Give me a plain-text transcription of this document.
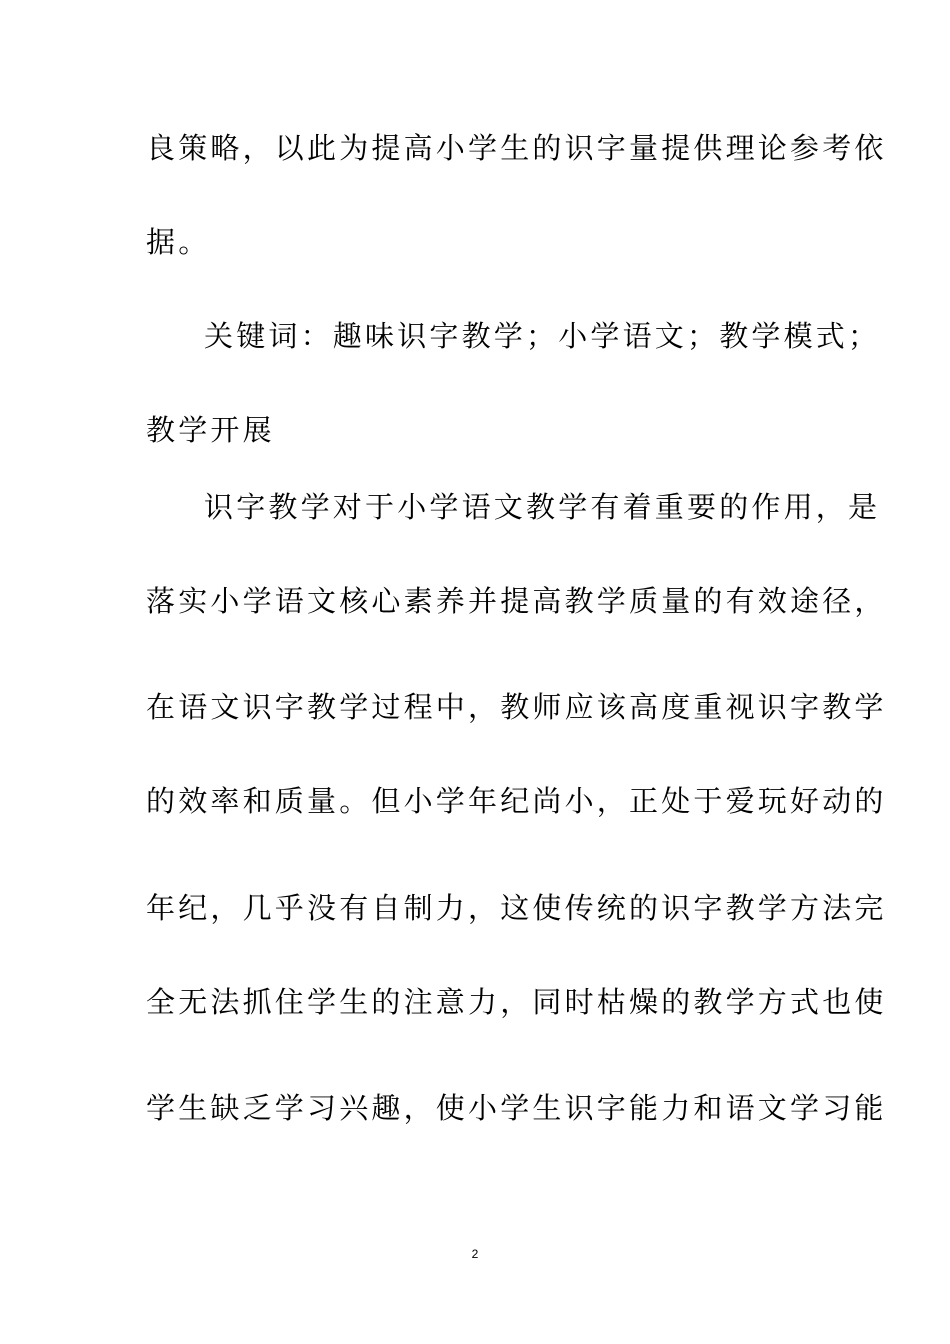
良策略，以此为提高小学生的识字量提供理论参考依
据。
关键词：趣味识字教学；小学语文；教学模式；
教学开展
识字教学对于小学语文教学有着重要的作用，是
落实小学语文核心素养并提高教学质量的有效途径，
在语文识字教学过程中，教师应该高度重视识字教学
的效率和质量。但小学年纪尚小，正处于爱玩好动的
年纪，几乎没有自制力，这使传统的识字教学方法完
全无法抓住学生的注意力，同时枯燥的教学方式也使
学生缺乏学习兴趣，使小学生识字能力和语文学习能
2
